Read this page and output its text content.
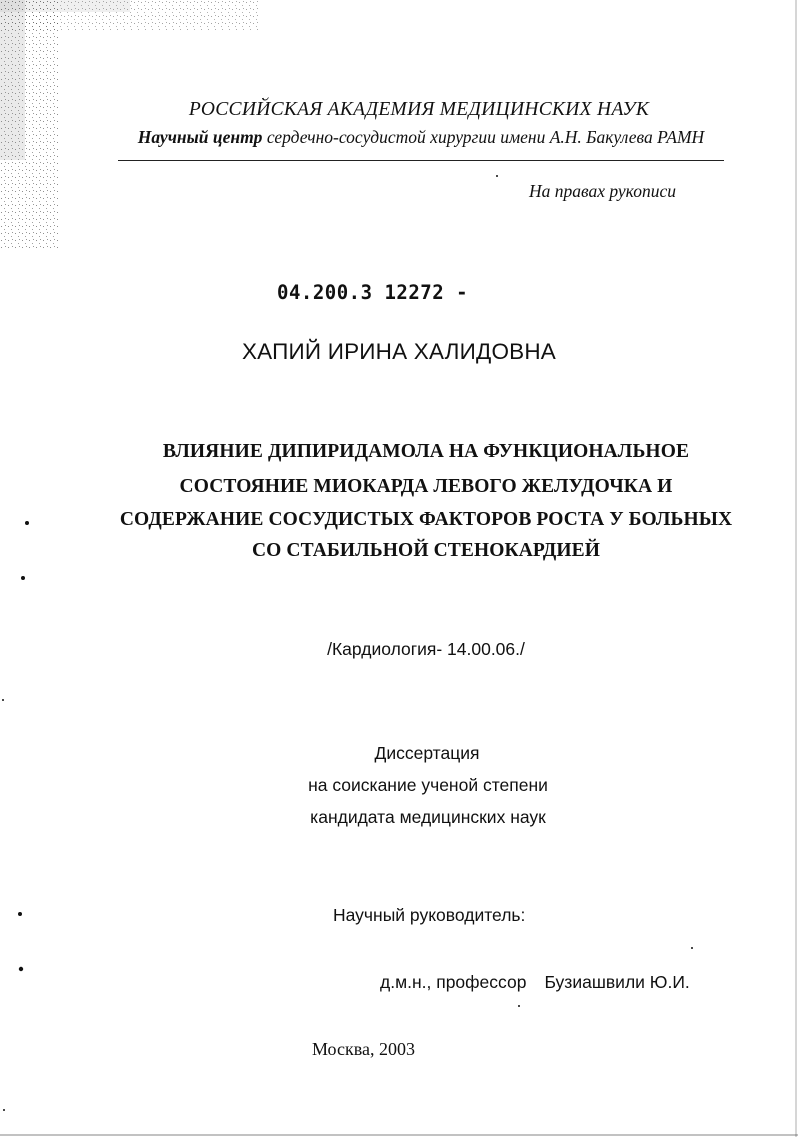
РОССИЙСКАЯ АКАДЕМИЯ МЕДИЦИНСКИХ НАУК
Научный центр сердечно-сосудистой хирургии имени А.Н. Бакулева РАМН
На правах рукописи
04.200.3 12272 -
ХАПИЙ ИРИНА ХАЛИДОВНА
ВЛИЯНИЕ ДИПИРИДАМОЛА НА ФУНКЦИОНАЛЬНОЕ
СОСТОЯНИЕ МИОКАРДА ЛЕВОГО ЖЕЛУДОЧКА И
СОДЕРЖАНИЕ СОСУДИСТЫХ ФАКТОРОВ РОСТА У БОЛЬНЫХ
СО СТАБИЛЬНОЙ СТЕНОКАРДИЕЙ
/Кардиология- 14.00.06./
Диссертация
на соискание ученой степени
кандидата медицинских наук
Научный руководитель:
д.м.н., профессор Бузиашвили Ю.И.
Москва, 2003
